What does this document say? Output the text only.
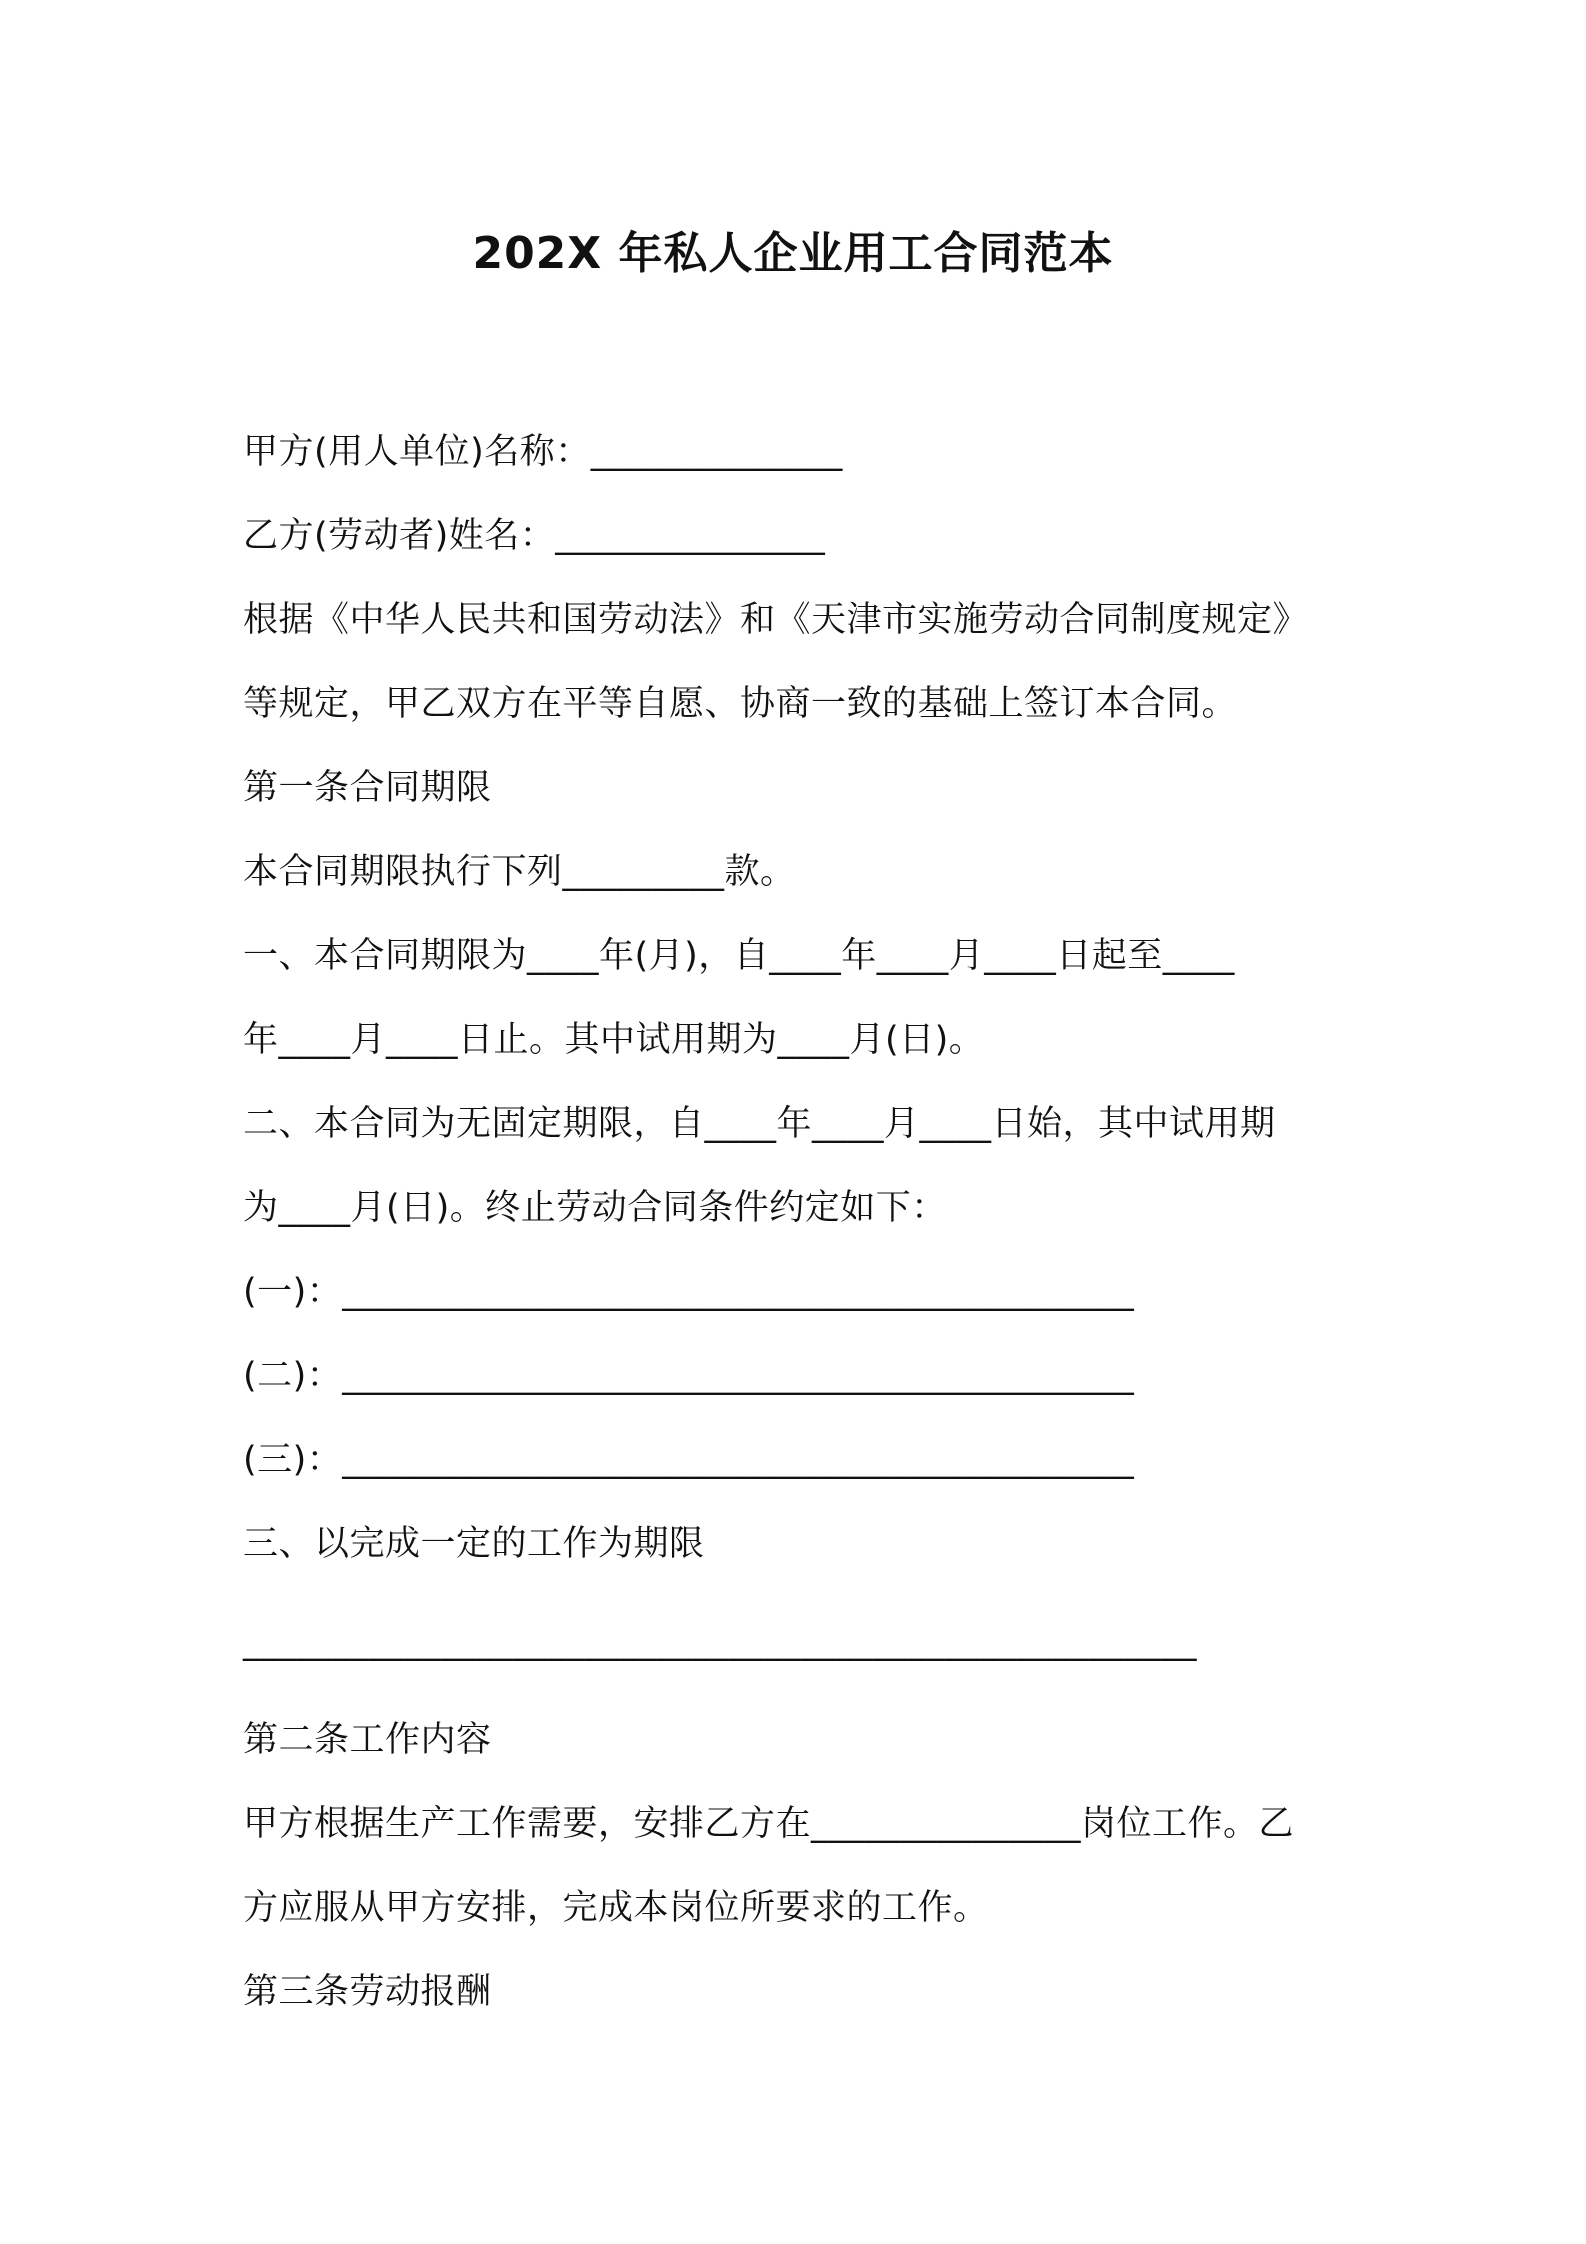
202X 年私人企业用工合同范本
甲方(用人单位)名称：______________
乙方(劳动者)姓名：_______________
根据《中华人民共和国劳动法》和《天津市实施劳动合同制度规定》
等规定，甲乙双方在平等自愿、协商一致的基础上签订本合同。
第一条合同期限
本合同期限执行下列_________款。
一、本合同期限为____年(月)，自____年____月____日起至____
年____月____日止。其中试用期为____月(日)。
二、本合同为无固定期限，自____年____月____日始，其中试用期
为____月(日)。终止劳动合同条件约定如下：
(一)：____________________________________________
(二)：____________________________________________
(三)：____________________________________________
三、以完成一定的工作为期限
_____________________________________________________
第二条工作内容
甲方根据生产工作需要，安排乙方在_______________岗位工作。乙
方应服从甲方安排，完成本岗位所要求的工作。
第三条劳动报酬
